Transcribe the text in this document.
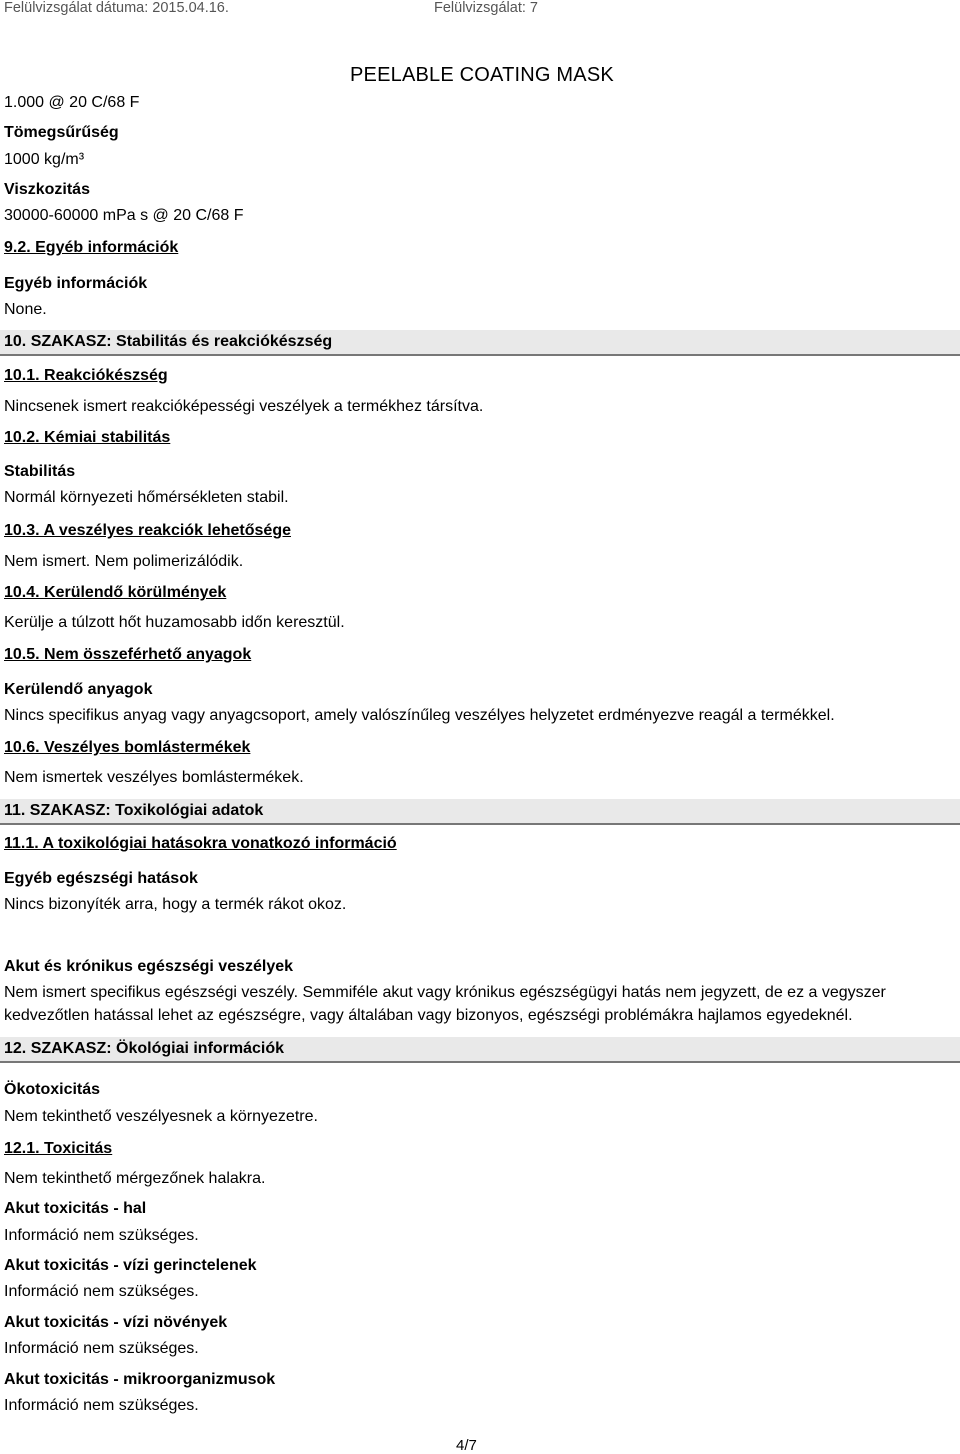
Felülvizsgálat dátuma: 2015.04.16.	Felülvizsgálat: 7
PEELABLE COATING MASK
1.000 @ 20 C/68 F
Tömegsűrűség
1000 kg/m³
Viszkozitás
30000-60000 mPa s @ 20 C/68 F
9.2. Egyéb információk
Egyéb információk
None.
10. SZAKASZ: Stabilitás és reakciókészség
10.1. Reakciókészség
Nincsenek ismert reakcióképességi veszélyek a termékhez társítva.
10.2. Kémiai stabilitás
Stabilitás
Normál környezeti hőmérsékleten stabil.
10.3. A veszélyes reakciók lehetősége
Nem ismert. Nem polimerizálódik.
10.4. Kerülendő körülmények
Kerülje a túlzott hőt huzamosabb időn keresztül.
10.5. Nem összeférhető anyagok
Kerülendő anyagok
Nincs specifikus anyag vagy anyagcsoport, amely valószínűleg veszélyes helyzetet erdményezve reagál a termékkel.
10.6. Veszélyes bomlástermékek
Nem ismertek veszélyes bomlástermékek.
11. SZAKASZ: Toxikológiai adatok
11.1. A toxikológiai hatásokra vonatkozó információ
Egyéb egészségi hatások
Nincs bizonyíték arra, hogy a termék rákot okoz.
Akut és krónikus egészségi veszélyek
Nem ismert specifikus egészségi veszély. Semmiféle akut vagy krónikus egészségügyi hatás nem jegyzett, de ez a vegyszer
kedvezőtlen hatással lehet az egészségre, vagy általában vagy bizonyos, egészségi problémákra hajlamos egyedeknél.
12. SZAKASZ: Ökológiai információk
Ökotoxicitás
Nem tekinthető veszélyesnek a környezetre.
12.1. Toxicitás
Nem tekinthető mérgezőnek halakra.
Akut toxicitás - hal
Információ nem szükséges.
Akut toxicitás - vízi gerinctelenek
Információ nem szükséges.
Akut toxicitás - vízi növények
Információ nem szükséges.
Akut toxicitás - mikroorganizmusok
Információ nem szükséges.
4/7
